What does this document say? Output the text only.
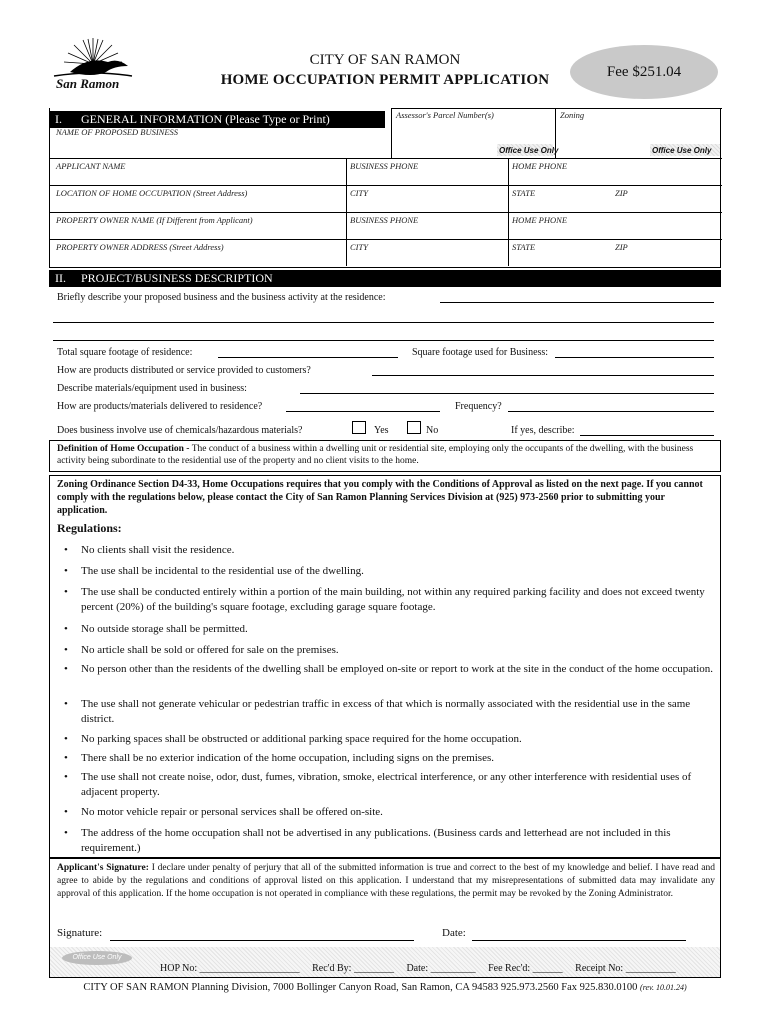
San Ramon
CITY OF SAN RAMON
HOME OCCUPATION PERMIT APPLICATION
Fee $251.04
I. GENERAL INFORMATION (Please Type or Print)	Assessor's Parcel Number(s)	Zoning
Office Use Only	Office Use Only
NAME OF PROPOSED BUSINESS
APPLICANT NAME	BUSINESS PHONE	HOME PHONE
LOCATION OF HOME OCCUPATION (Street Address)	CITY	STATE	ZIP
PROPERTY OWNER NAME (If Different from Applicant)	BUSINESS PHONE	HOME PHONE
PROPERTY OWNER ADDRESS (Street Address)	CITY	STATE	ZIP
II. PROJECT/BUSINESS DESCRIPTION
Briefly describe your proposed business and the business activity at the residence:
Total square footage of residence:	Square footage used for Business:
How are products distributed or service provided to customers?
Describe materials/equipment used in business:
How are products/materials delivered to residence?	Frequency?
Does business involve use of chemicals/hazardous materials?	Yes	No	If yes, describe:
Definition of Home Occupation - The conduct of a business within a dwelling unit or residential site, employing only the occupants of the dwelling, with the business activity being subordinate to the residential use of the property and no client visits to the home.
Zoning Ordinance Section D4-33, Home Occupations requires that you comply with the Conditions of Approval as listed on the next page. If you cannot comply with the regulations below, please contact the City of San Ramon Planning Services Division at (925) 973-2560 prior to submitting your application.
Regulations:
•	No clients shall visit the residence.
•	The use shall be incidental to the residential use of the dwelling.
•	The use shall be conducted entirely within a portion of the main building, not within any required parking facility and does not exceed twenty percent (20%) of the building's square footage, excluding garage square footage.
•	No outside storage shall be permitted.
•	No article shall be sold or offered for sale on the premises.
•	No person other than the residents of the dwelling shall be employed on-site or report to work at the site in the conduct of the home occupation.
•	The use shall not generate vehicular or pedestrian traffic in excess of that which is normally associated with the residential use in the same district.
•	No parking spaces shall be obstructed or additional parking space required for the home occupation.
•	There shall be no exterior indication of the home occupation, including signs on the premises.
•	The use shall not create noise, odor, dust, fumes, vibration, smoke, electrical interference, or any other interference with residential uses of adjacent property.
•	No motor vehicle repair or personal services shall be offered on-site.
•	The address of the home occupation shall not be advertised in any publications. (Business cards and letterhead are not included in this requirement.)
Applicant's Signature: I declare under penalty of perjury that all of the submitted information is true and correct to the best of my knowledge and belief. I have read and agree to abide by the regulations and conditions of approval listed on this application. I understand that my misrepresentations of submitted data may invalidate any approval of this application. If the home occupation is not operated in compliance with these regulations, the permit may be revoked by the Zoning Administrator.
Signature:	Date:
Office Use Only
HOP No: ____________________ Rec'd By: ________ Date: _________ Fee Rec'd: ______ Receipt No: __________
CITY OF SAN RAMON Planning Division, 7000 Bollinger Canyon Road, San Ramon, CA 94583 925.973.2560 Fax 925.830.0100 (rev. 10.01.24)
